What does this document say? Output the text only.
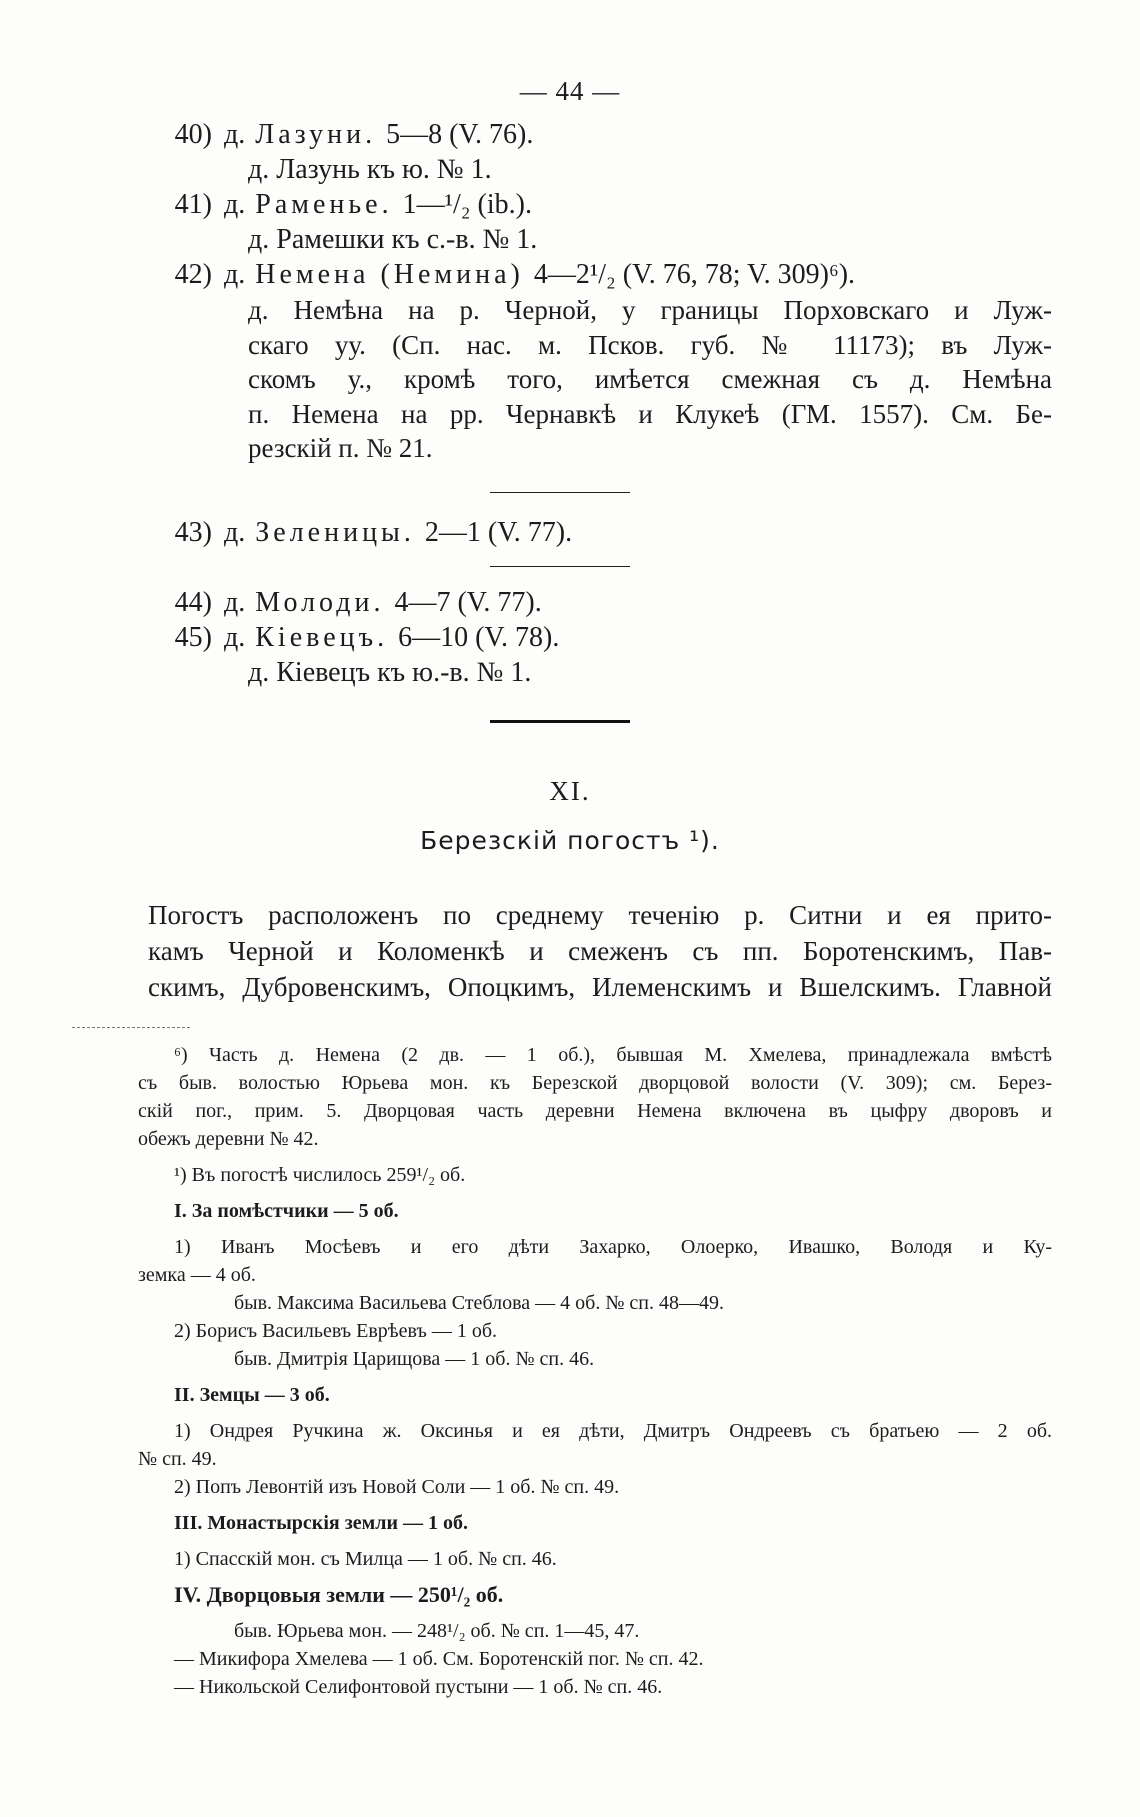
— 44 —
40) д. Лазуни. 5—8 (V. 76).
д. Лазунь къ ю. № 1.
41) д. Раменье. 1—¹/₂ (ib.).
д. Рамешки къ с.-в. № 1.
42) д. Немена (Немина) 4—2¹/₂ (V. 76, 78; V. 309)⁶).
д. Немѣна на р. Черной, у границы Порховскаго и Луж-
скаго уу. (Сп. нас. м. Псков. губ. № 11173); въ Луж-
скомъ у., кромѣ того, имѣется смежная съ д. Немѣна
п. Немена на рр. Чернавкѣ и Клукеѣ (ГМ. 1557). См. Бе-
резскій п. № 21.
43) д. Зеленицы. 2—1 (V. 77).
44) д. Молоди. 4—7 (V. 77).
45) д. Кіевецъ. 6—10 (V. 78).
д. Кіевецъ къ ю.-в. № 1.
XI.
Березскій погостъ ¹).
Погостъ расположенъ по среднему теченію р. Ситни и ея прито-
камъ Черной и Коломенкѣ и смеженъ съ пп. Боротенскимъ, Пав-
скимъ, Дубровенскимъ, Опоцкимъ, Илеменскимъ и Вшелскимъ. Главной
⁶) Часть д. Немена (2 дв. — 1 об.), бывшая М. Хмелева, принадлежала вмѣстѣ
съ быв. волостью Юрьева мон. къ Березской дворцовой волости (V. 309); см. Берез-
скій пог., прим. 5. Дворцовая часть деревни Немена включена въ цыфру дворовъ и
обежъ деревни № 42.
¹) Въ погостѣ числилось 259¹/₂ об.
I. За помѣстчики — 5 об.
1) Иванъ Мосѣевъ и его дѣти Захарко, Олоерко, Ивашко, Володя и Ку-
земка — 4 об.
быв. Максима Васильева Стеблова — 4 об. № сп. 48—49.
2) Борисъ Васильевъ Еврѣевъ — 1 об.
быв. Дмитрія Царищова — 1 об. № сп. 46.
II. Земцы — 3 об.
1) Ондрея Ручкина ж. Оксинья и ея дѣти, Дмитръ Ондреевъ съ братьею — 2 об.
№ сп. 49.
2) Попъ Левонтій изъ Новой Соли — 1 об. № сп. 49.
III. Монастырскія земли — 1 об.
1) Спасскій мон. съ Милца — 1 об. № сп. 46.
IV. Дворцовыя земли — 250¹/₂ об.
быв. Юрьева мон. — 248¹/₂ об. № сп. 1—45, 47.
— Микифора Хмелева — 1 об. См. Боротенскій пог. № сп. 42.
— Никольской Селифонтовой пустыни — 1 об. № сп. 46.
